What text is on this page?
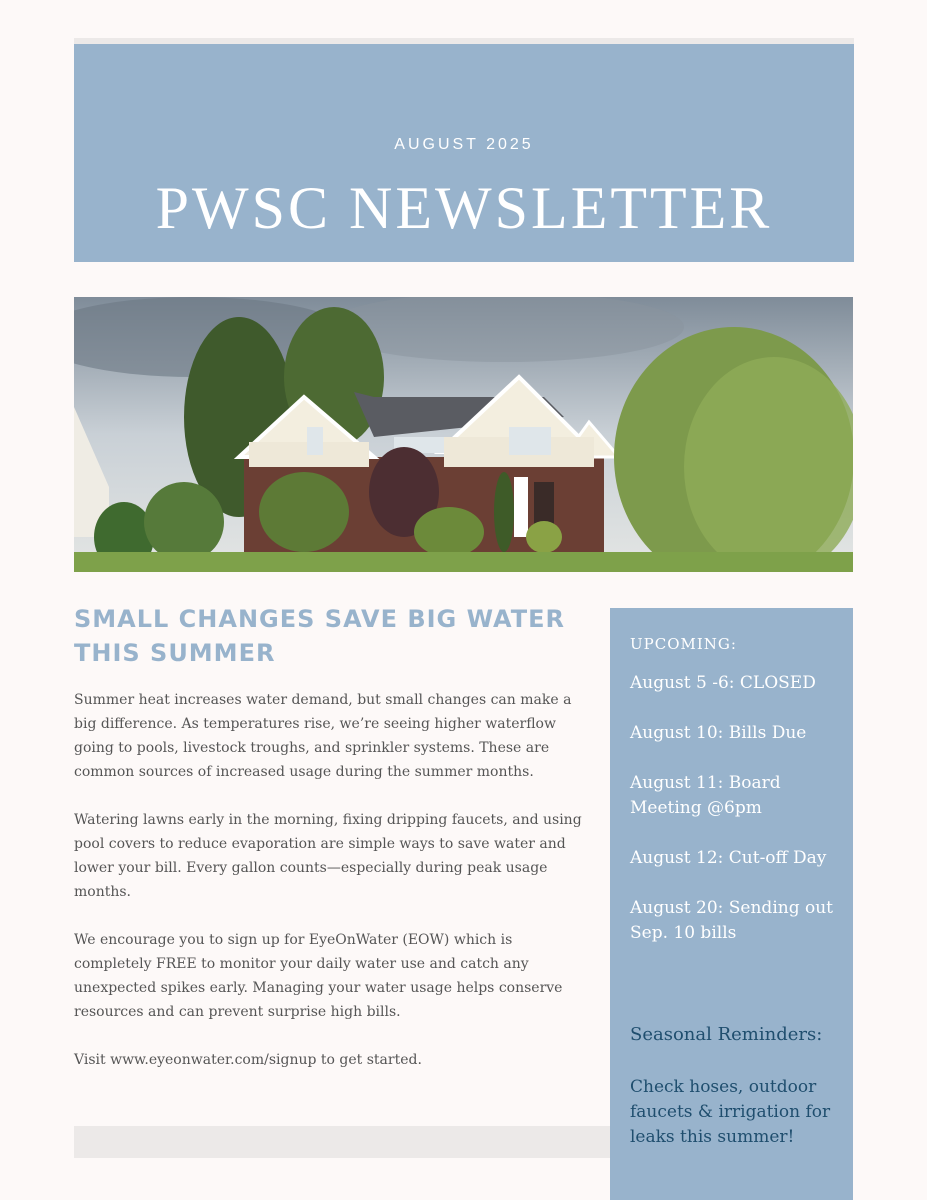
AUGUST 2025
PWSC NEWSLETTER
SMALL CHANGES SAVE BIG WATER THIS SUMMER

Summer heat increases water demand, but small changes can make a big difference. As temperatures rise, we’re seeing higher waterflow going to pools, livestock troughs, and sprinkler systems. These are common sources of increased usage during the summer months.

Watering lawns early in the morning, fixing dripping faucets, and using pool covers to reduce evaporation are simple ways to save water and lower your bill. Every gallon counts—especially during peak usage months.

We encourage you to sign up for EyeOnWater (EOW) which is completely FREE to monitor your daily water use and catch any unexpected spikes early. Managing your water usage helps conserve resources and can prevent surprise high bills.

Visit www.eyeonwater.com/signup to get started.

UPCOMING:
August 5 -6: CLOSED
August 10: Bills Due
August 11: Board Meeting @6pm
August 12: Cut-off Day
August 20: Sending out Sep. 10 bills
Seasonal Reminders:
Check hoses, outdoor faucets & irrigation for leaks this summer!
